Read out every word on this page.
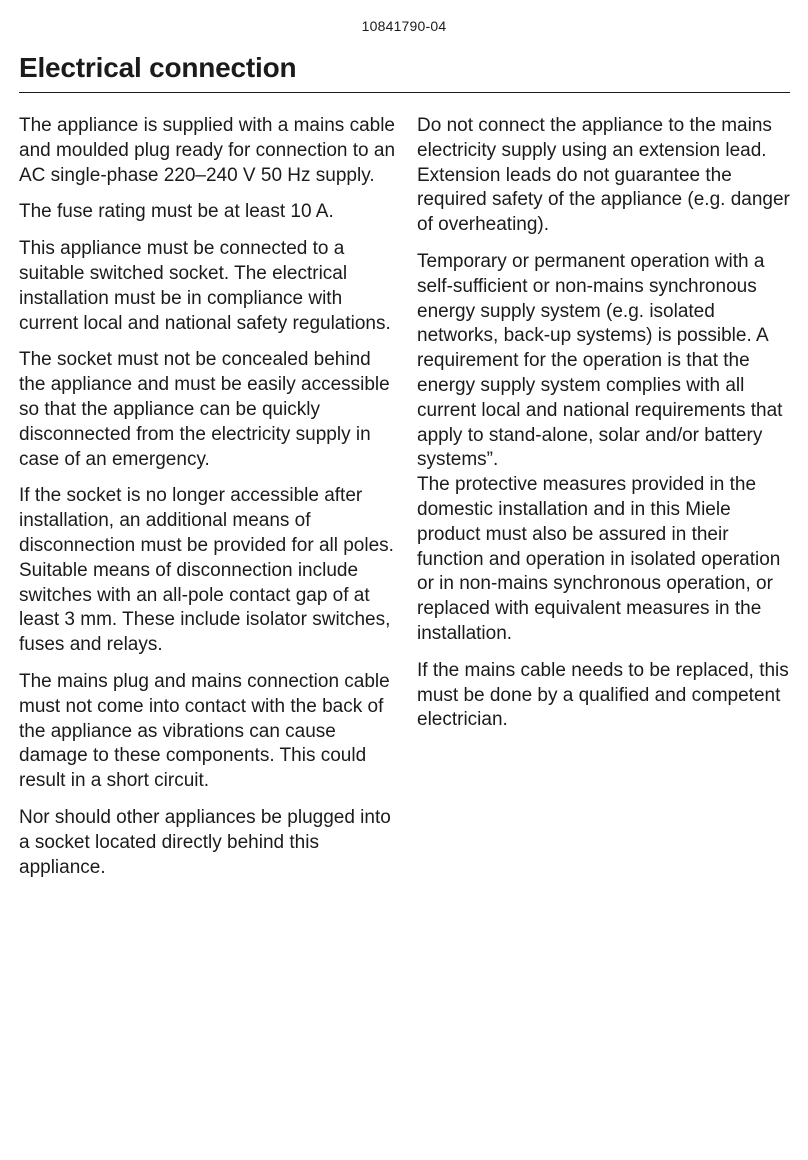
10841790-04
Electrical connection

The appliance is supplied with a mains cable and moulded plug ready for connection to an AC single-phase 220–240 V 50 Hz supply.

The fuse rating must be at least 10 A.

This appliance must be connected to a suitable switched socket. The electrical installation must be in compliance with current local and national safety regulations.

The socket must not be concealed behind the appliance and must be easily accessible so that the appliance can be quickly disconnected from the electricity supply in case of an emergency.

If the socket is no longer accessible after installation, an additional means of disconnection must be provided for all poles. Suitable means of disconnection include switches with an all-pole contact gap of at least 3 mm. These include isolator switches, fuses and relays.

The mains plug and mains connection cable must not come into contact with the back of the appliance as vibrations can cause damage to these components. This could result in a short circuit.

Nor should other appliances be plugged into a socket located directly behind this appliance.

Do not connect the appliance to the mains electricity supply using an extension lead. Extension leads do not guarantee the required safety of the appliance (e.g. danger of overheating).

Temporary or permanent operation with a self-sufficient or non-mains synchronous energy supply system (e.g. isolated networks, back-up systems) is possible. A requirement for the operation is that the energy supply system complies with all current local and national requirements that apply to stand-alone, solar and/or battery systems”.

The protective measures provided in the domestic installation and in this Miele product must also be assured in their function and operation in isolated operation or in non-mains synchronous operation, or replaced with equivalent measures in the installation.

If the mains cable needs to be replaced, this must be done by a qualified and competent electrician.
